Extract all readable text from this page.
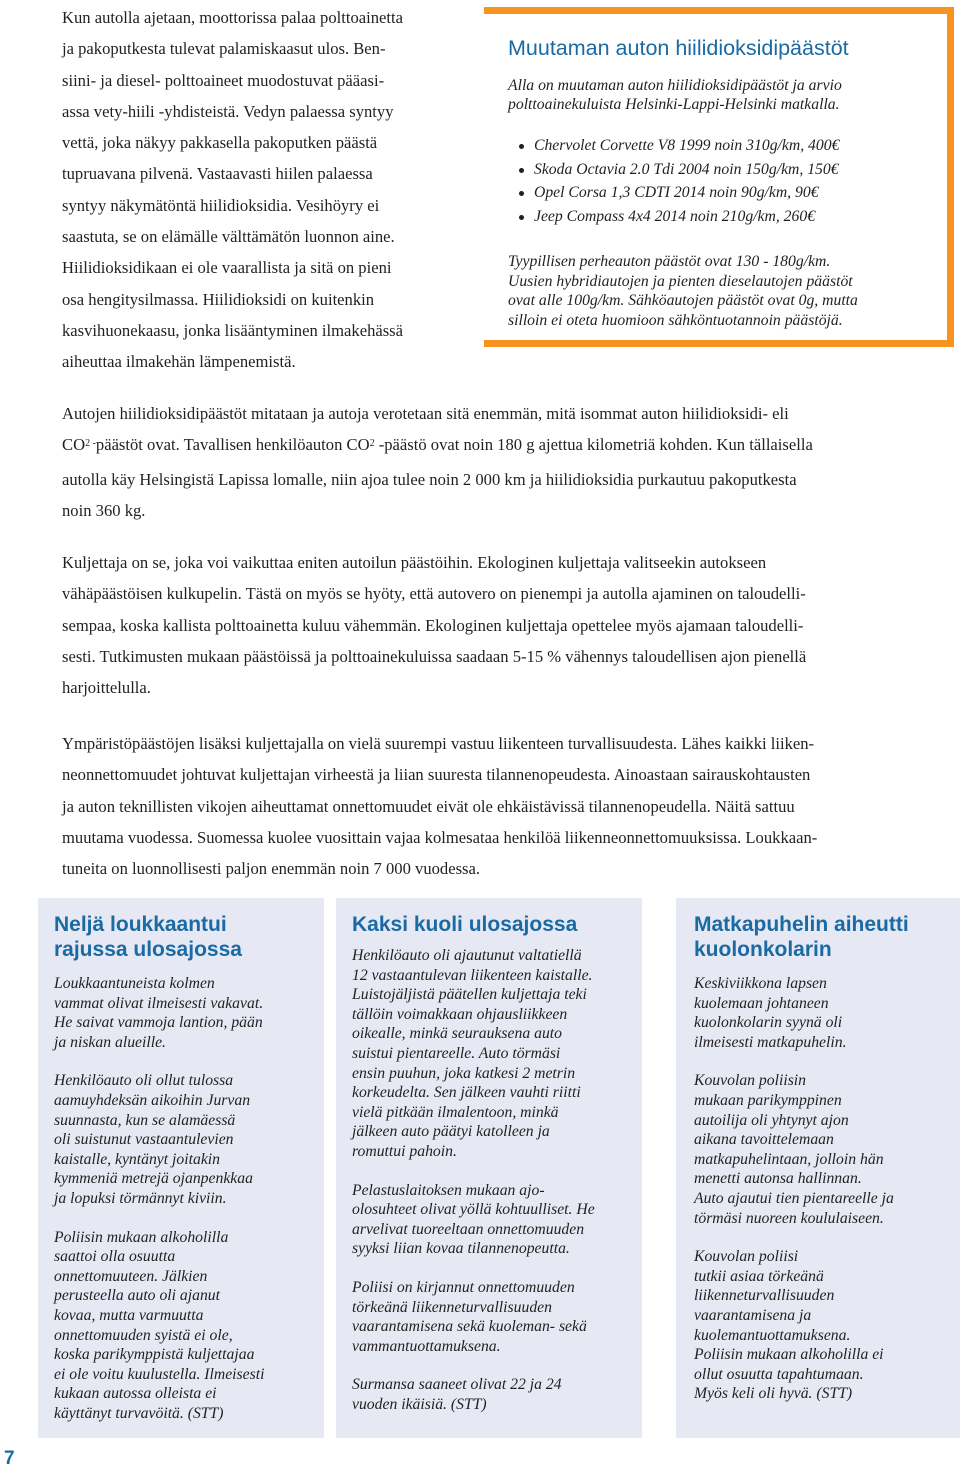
Kun autolla ajetaan, moottorissa palaa polttoainetta
ja pakoputkesta tulevat palamiskaasut ulos. Ben-
siini- ja diesel- polttoaineet muodostuvat pääasi-
assa vety-hiili -yhdisteistä. Vedyn palaessa syntyy
vettä, joka näkyy pakkasella pakoputken päästä
tupruavana pilvenä. Vastaavasti hiilen palaessa
syntyy näkymätöntä hiilidioksidia. Vesihöyry ei
saastuta, se on elämälle välttämätön luonnon aine.
Hiilidioksidikaan ei ole vaarallista ja sitä on pieni
osa hengitysilmassa. Hiilidioksidi on kuitenkin
kasvihuonekaasu, jonka lisääntyminen ilmakehässä
aiheuttaa ilmakehän lämpenemistä.
Muutaman auton hiilidioksidipäästöt
Alla on muutaman auton hiilidioksidipäästöt ja arvio
polttoainekuluista Helsinki-Lappi-Helsinki matkalla.
Chervolet Corvette V8 1999 noin 310g/km, 400€
Skoda Octavia 2.0 Tdi 2004 noin 150g/km, 150€
Opel Corsa 1,3 CDTI 2014 noin 90g/km, 90€
Jeep Compass 4x4 2014 noin 210g/km, 260€
Tyypillisen perheauton päästöt ovat 130 - 180g/km.
Uusien hybridiautojen ja pienten dieselautojen päästöt
ovat alle 100g/km. Sähköautojen päästöt ovat 0g, mutta
silloin ei oteta huomioon sähköntuotannoin päästöjä.
Autojen hiilidioksidipäästöt mitataan ja autoja verotetaan sitä enemmän, mitä isommat auton hiilidioksidi- eli
$CO_{2 -}päästöt$ ovat. Tavallisen henkilöauton $CO_2$ -päästö ovat noin 180 g ajettua kilometriä kohden. Kun tällaisella
autolla käy Helsingistä Lapissa lomalle, niin ajoa tulee noin 2 000 km ja hiilidioksidia purkautuu pakoputkesta
noin 360 kg.
Kuljettaja on se, joka voi vaikuttaa eniten autoilun päästöihin. Ekologinen kuljettaja valitseekin autokseen
vähäpäästöisen kulkupelin. Tästä on myös se hyöty, että autovero on pienempi ja autolla ajaminen on taloudelli-
sempaa, koska kallista polttoainetta kuluu vähemmän. Ekologinen kuljettaja opettelee myös ajamaan taloudelli-
sesti. Tutkimusten mukaan päästöissä ja polttoainekuluissa saadaan 5-15 % vähennys taloudellisen ajon pienellä
harjoittelulla.
Ympäristöpäästöjen lisäksi kuljettajalla on vielä suurempi vastuu liikenteen turvallisuudesta. Lähes kaikki liiken-
neonnettomuudet johtuvat kuljettajan virheestä ja liian suuresta tilannenopeudesta. Ainoastaan sairauskohtausten
ja auton teknillisten vikojen aiheuttamat onnettomuudet eivät ole ehkäistävissä tilannenopeudella. Näitä sattuu
muutama vuodessa. Suomessa kuolee vuosittain vajaa kolmesataa henkilöä liikenneonnettomuuksissa. Loukkaan-
tuneita on luonnollisesti paljon enemmän noin 7 000 vuodessa.
Neljä loukkaantui
rajussa ulosajossa
Loukkaantuneista kolmen
vammat olivat ilmeisesti vakavat.
He saivat vammoja lantion, pään
ja niskan alueille.
Henkilöauto oli ollut tulossa
aamuyhdeksän aikoihin Jurvan
suunnasta, kun se alamäessä
oli suistunut vastaantulevien
kaistalle, kyntänyt joitakin
kymmeniä metrejä ojanpenkkaa
ja lopuksi törmännyt kiviin.
Poliisin mukaan alkoholilla
saattoi olla osuutta
onnettomuuteen. Jälkien
perusteella auto oli ajanut
kovaa, mutta varmuutta
onnettomuuden syistä ei ole,
koska parikymppistä kuljettajaa
ei ole voitu kuulustella. Ilmeisesti
kukaan autossa olleista ei
käyttänyt turvavöitä. (STT)
Kaksi kuoli ulosajossa
Henkilöauto oli ajautunut valtatiellä
12 vastaantulevan liikenteen kaistalle.
Luistojäljistä päätellen kuljettaja teki
tällöin voimakkaan ohjausliikkeen
oikealle, minkä seurauksena auto
suistui pientareelle. Auto törmäsi
ensin puuhun, joka katkesi 2 metrin
korkeudelta. Sen jälkeen vauhti riitti
vielä pitkään ilmalentoon, minkä
jälkeen auto päätyi katolleen ja
romuttui pahoin.
Pelastuslaitoksen mukaan ajo-
olosuhteet olivat yöllä kohtuulliset. He
arvelivat tuoreeltaan onnettomuuden
syyksi liian kovaa tilannenopeutta.
Poliisi on kirjannut onnettomuuden
törkeänä liikenneturvallisuuden
vaarantamisena sekä kuoleman- sekä
vammantuottamuksena.
Surmansa saaneet olivat 22 ja 24
vuoden ikäisiä. (STT)
Matkapuhelin aiheutti
kuolonkolarin
Keskiviikkona lapsen
kuolemaan johtaneen
kuolonkolarin syynä oli
ilmeisesti matkapuhelin.
Kouvolan poliisin
mukaan parikymppinen
autoilija oli yhtynyt ajon
aikana tavoittelemaan
matkapuhelintaan, jolloin hän
menetti autonsa hallinnan.
Auto ajautui tien pientareelle ja
törmäsi nuoreen koululaiseen.
Kouvolan poliisi
tutkii asiaa törkeänä
liikenneturvallisuuden
vaarantamisena ja
kuolemantuottamuksena.
Poliisin mukaan alkoholilla ei
ollut osuutta tapahtumaan.
Myös keli oli hyvä. (STT)
7
